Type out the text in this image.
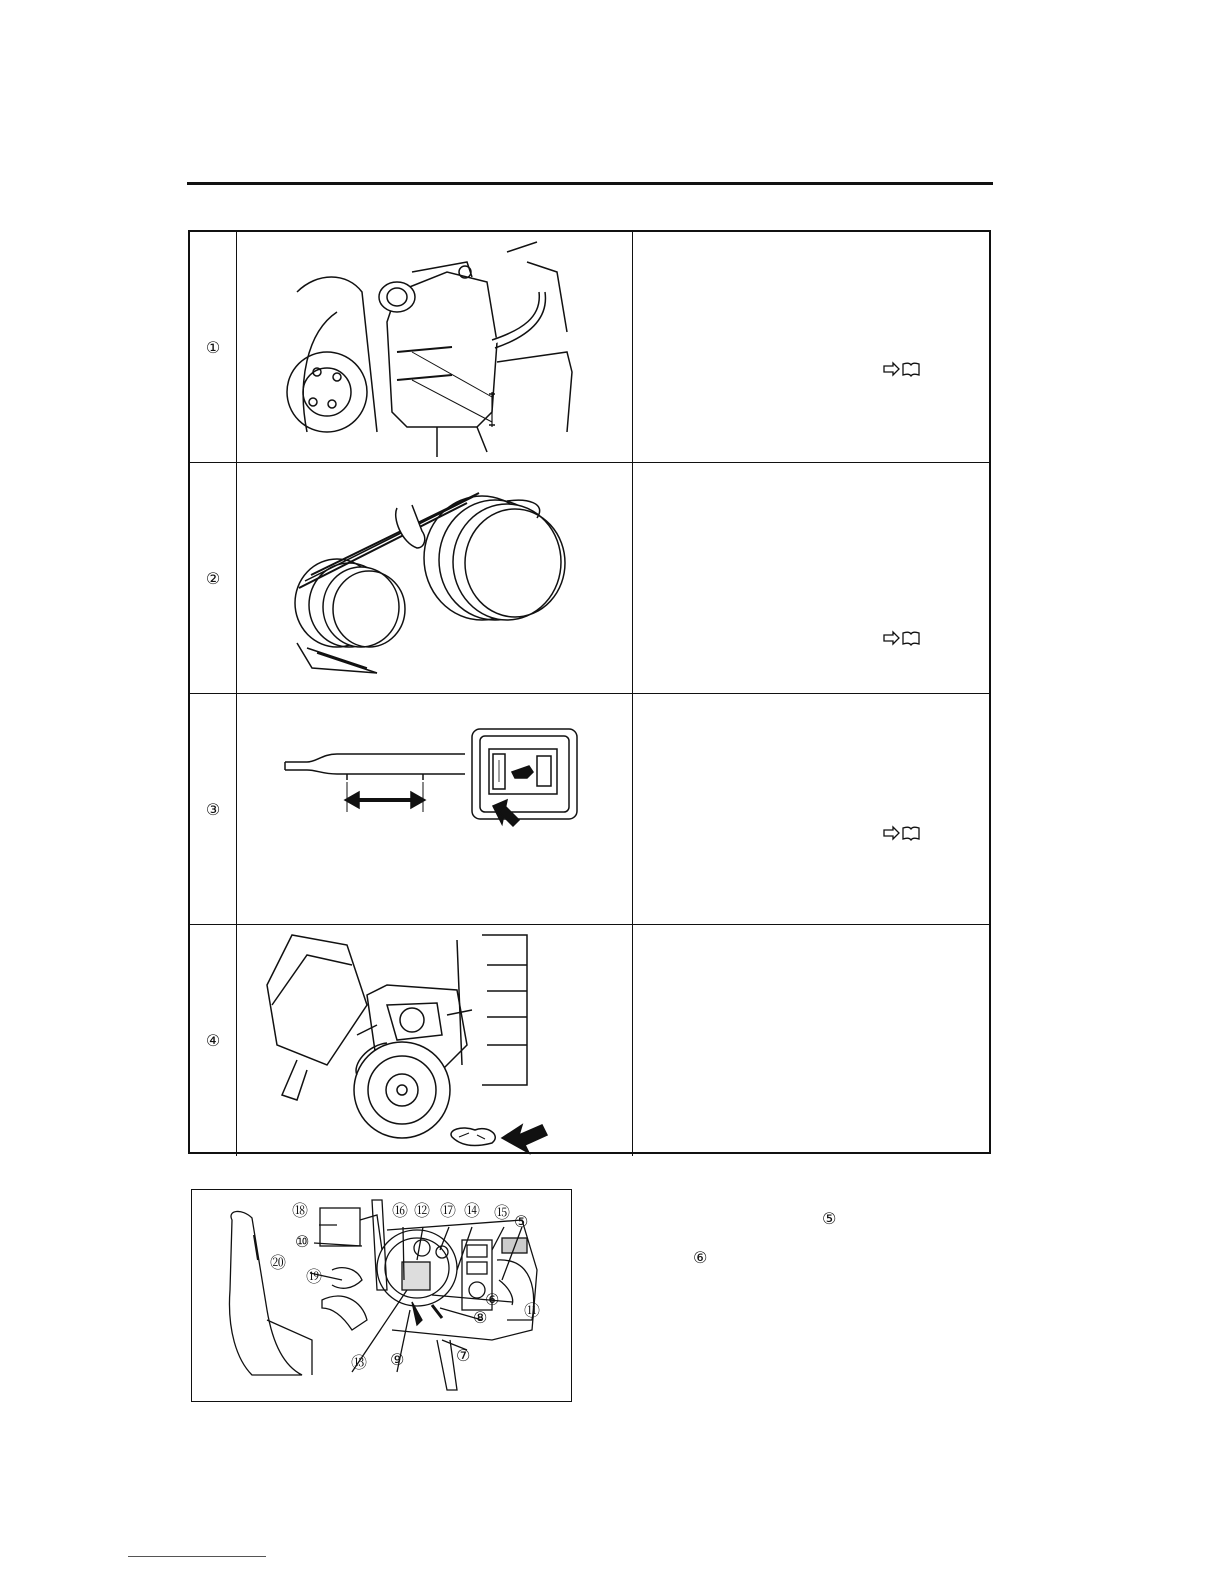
①
②
③
④
⑱	⑯ ⑫ ⑰ ⑭ ⑮ ⑤
⑩
⑳
⑲
⑪
⑥
⑧
⑦
⑬ ⑨
⑤
⑥
